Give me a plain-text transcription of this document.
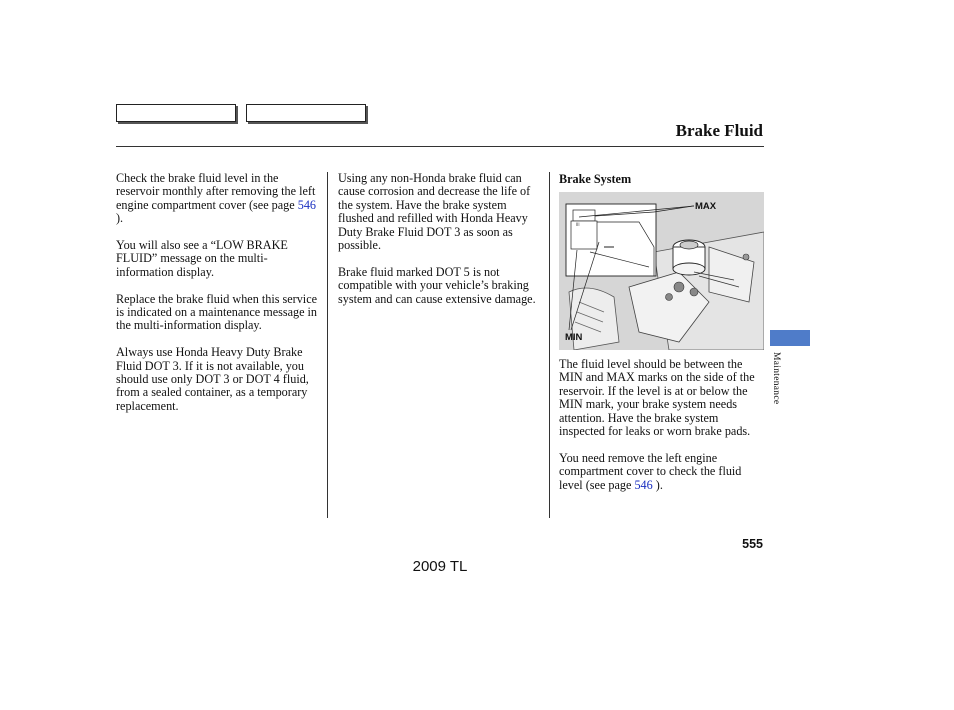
Brake Fluid

Check the brake fluid level in the reservoir monthly after removing the left engine compartment cover (see page 546 ).

You will also see a “LOW BRAKE FLUID” message on the multi-information display.

Replace the brake fluid when this service is indicated on a maintenance message in the multi-information display.

Always use Honda Heavy Duty Brake Fluid DOT 3. If it is not available, you should use only DOT 3 or DOT 4 fluid, from a sealed container, as a temporary replacement.

Using any non-Honda brake fluid can cause corrosion and decrease the life of the system. Have the brake system flushed and refilled with Honda Heavy Duty Brake Fluid DOT 3 as soon as possible.

Brake fluid marked DOT 5 is not compatible with your vehicle’s braking system and can cause extensive damage.

Brake System
III
MAX
MIN

The fluid level should be between the MIN and MAX marks on the side of the reservoir. If the level is at or below the MIN mark, your brake system needs attention. Have the brake system inspected for leaks or worn brake pads.

You need remove the left engine compartment cover to check the fluid level (see page 546 ).

Maintenance
555
2009 TL
